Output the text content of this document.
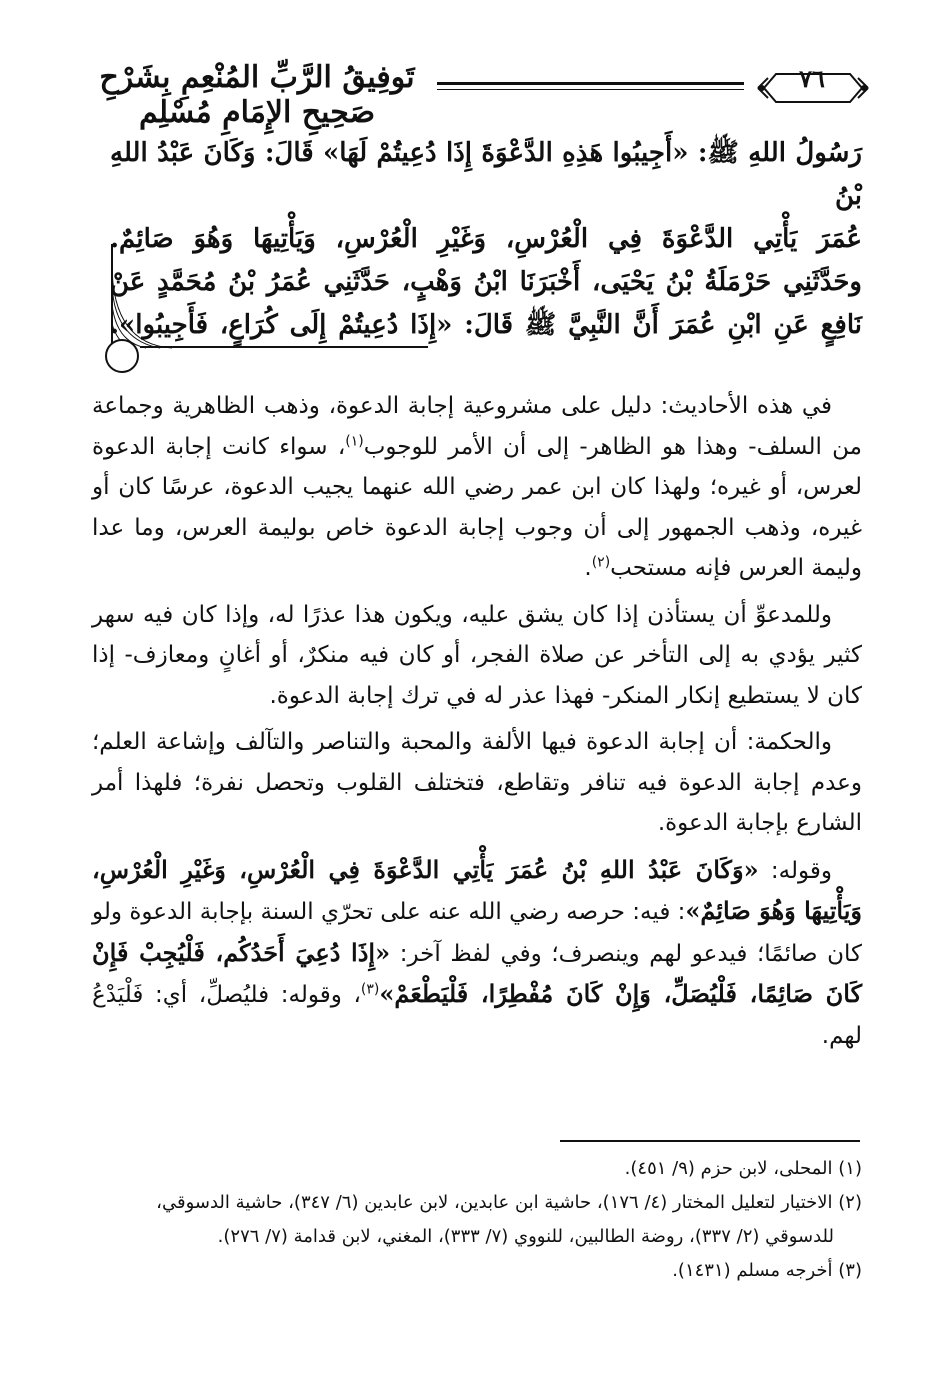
٧٦
تَوفِيقُ الرَّبِّ المُنْعِمِ بِشَرْحِ صَحِيحِ الإِمَامِ مُسْلِم

رَسُولُ اللهِ ﷺ: «أَجِيبُوا هَذِهِ الدَّعْوَةَ إِذَا دُعِيتُمْ لَهَا» قَالَ: وَكَانَ عَبْدُ اللهِ بْنُ

عُمَرَ يَأْتِي الدَّعْوَةَ فِي الْعُرْسِ، وَغَيْرِ الْعُرْسِ، وَيَأْتِيهَا وَهُوَ صَائِمٌ.

وحَدَّثَنِي حَرْمَلَةُ بْنُ يَحْيَى، أَخْبَرَنَا ابْنُ وَهْبٍ، حَدَّثَنِي عُمَرُ بْنُ مُحَمَّدٍ عَنْ

نَافِعٍ عَنِ ابْنِ عُمَرَ أَنَّ النَّبِيَّ ﷺ قَالَ: «إِذَا دُعِيتُمْ إِلَى كُرَاعٍ، فَأَجِيبُوا».

في هذه الأحاديث: دليل على مشروعية إجابة الدعوة، وذهب الظاهرية وجماعة من السلف- وهذا هو الظاهر- إلى أن الأمر للوجوب$^{(١)}$، سواء كانت إجابة الدعوة لعرس، أو غيره؛ ولهذا كان ابن عمر رضي الله عنهما يجيب الدعوة، عرسًا كان أو غيره، وذهب الجمهور إلى أن وجوب إجابة الدعوة خاص بوليمة العرس، وما عدا وليمة العرس فإنه مستحب$^{(٢)}$.

وللمدعوِّ أن يستأذن إذا كان يشق عليه، ويكون هذا عذرًا له، وإذا كان فيه سهر كثير يؤدي به إلى التأخر عن صلاة الفجر، أو كان فيه منكرٌ، أو أغانٍ ومعازف- إذا كان لا يستطيع إنكار المنكر- فهذا عذر له في ترك إجابة الدعوة.

والحكمة: أن إجابة الدعوة فيها الألفة والمحبة والتناصر والتآلف وإشاعة العلم؛ وعدم إجابة الدعوة فيه تنافر وتقاطع، فتختلف القلوب وتحصل نفرة؛ فلهذا أمر الشارع بإجابة الدعوة.

وقوله: «وَكَانَ عَبْدُ اللهِ بْنُ عُمَرَ يَأْتِي الدَّعْوَةَ فِي الْعُرْسِ، وَغَيْرِ الْعُرْسِ، وَيَأْتِيهَا وَهُوَ صَائِمٌ»: فيه: حرصه رضي الله عنه على تحرّي السنة بإجابة الدعوة ولو كان صائمًا؛ فيدعو لهم وينصرف؛ وفي لفظ آخر: «إِذَا دُعِيَ أَحَدُكُم، فَلْيُجِبْ فَإِنْ كَانَ صَائِمًا، فَلْيُصَلِّ، وَإِنْ كَانَ مُفْطِرًا، فَلْيَطْعَمْ»$^{(٣)}$، وقوله: فليُصلِّ، أي: فَلْيَدْعُ لهم.

(١) المحلى، لابن حزم (٩/ ٤٥١).

(٢) الاختيار لتعليل المختار (٤/ ١٧٦)، حاشية ابن عابدين، لابن عابدين (٦/ ٣٤٧)، حاشية الدسوقي،

للدسوقي (٢/ ٣٣٧)، روضة الطالبين، للنووي (٧/ ٣٣٣)، المغني، لابن قدامة (٧/ ٢٧٦).

(٣) أخرجه مسلم (١٤٣١).
